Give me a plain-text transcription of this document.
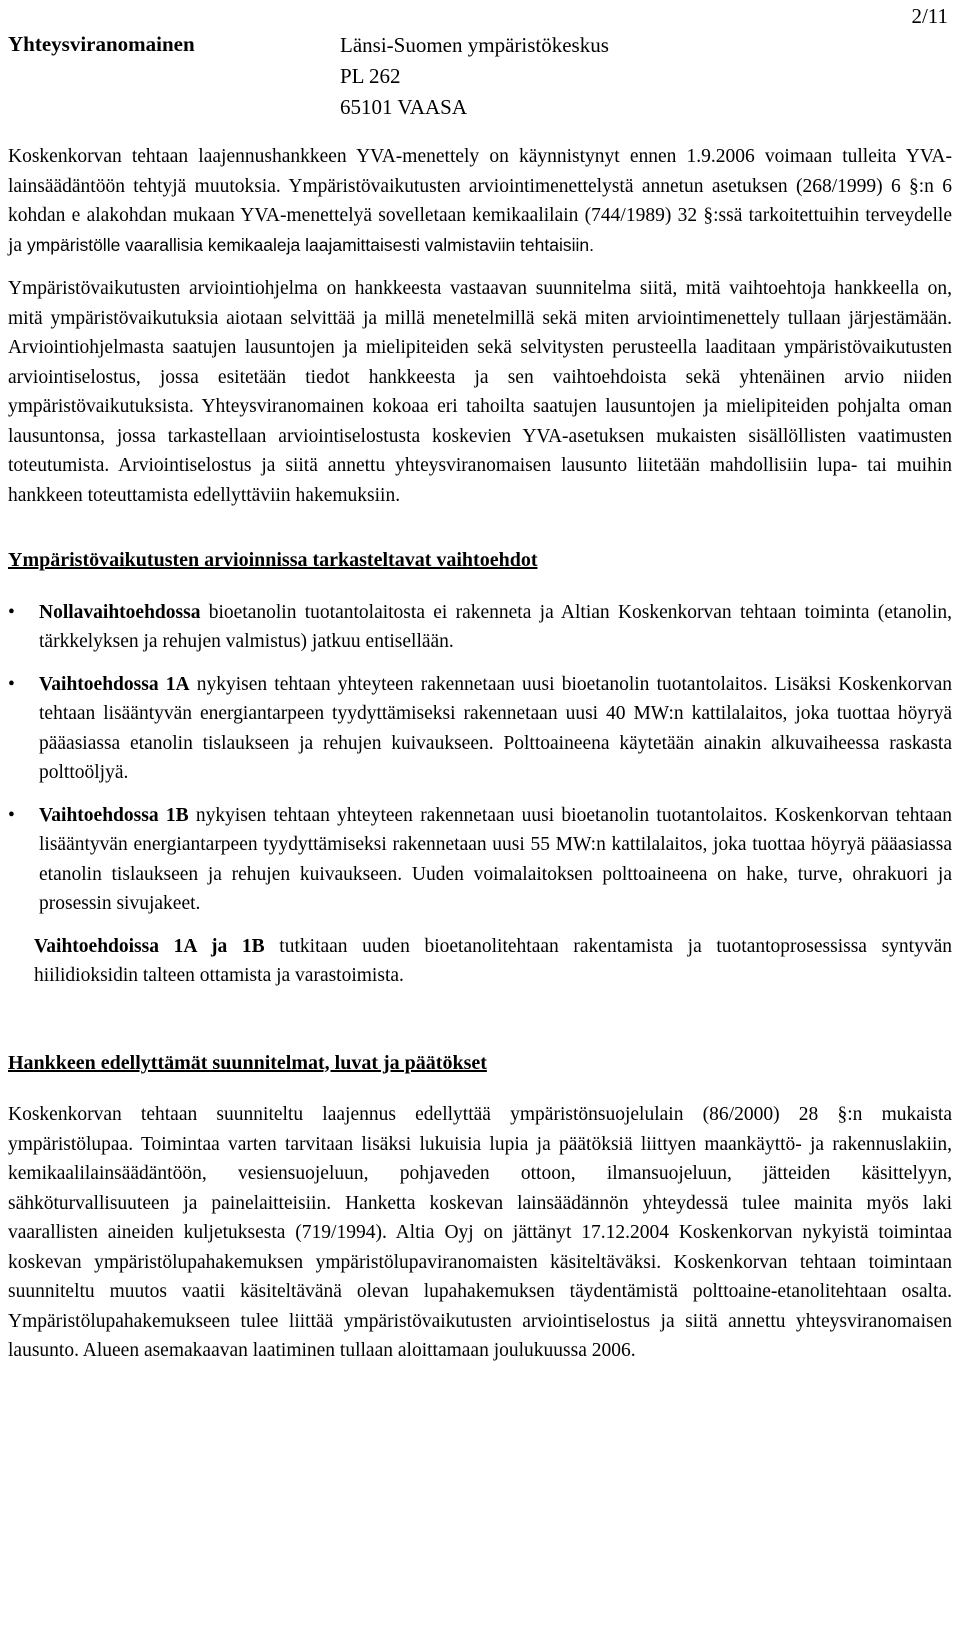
2/11
Yhteysviranomainen	Länsi-Suomen ympäristökeskus
PL 262
65101 VAASA

Koskenkorvan tehtaan laajennushankkeen YVA-menettely on käynnistynyt ennen 1.9.2006 voimaan tulleita YVA-lainsäädäntöön tehtyjä muutoksia. Ympäristövaikutusten arviointimenettelystä annetun asetuksen (268/1999) 6 §:n 6 kohdan e alakohdan mukaan YVA-menettelyä sovelletaan kemikaalilain (744/1989) 32 §:ssä tarkoitettuihin terveydelle ja ympäristölle vaarallisia kemikaaleja laajamittaisesti valmistaviin tehtaisiin.

Ympäristövaikutusten arviointiohjelma on hankkeesta vastaavan suunnitelma siitä, mitä vaihtoehtoja hankkeella on, mitä ympäristövaikutuksia aiotaan selvittää ja millä menetelmillä sekä miten arviointimenettely tullaan järjestämään. Arviointiohjelmasta saatujen lausuntojen ja mielipiteiden sekä selvitysten perusteella laaditaan ympäristövaikutusten arviointiselostus, jossa esitetään tiedot hankkeesta ja sen vaihtoehdoista sekä yhtenäinen arvio niiden ympäristövaikutuksista. Yhteysviranomainen kokoaa eri tahoilta saatujen lausuntojen ja mielipiteiden pohjalta oman lausuntonsa, jossa tarkastellaan arviointiselostusta koskevien YVA-asetuksen mukaisten sisällöllisten vaatimusten toteutumista. Arviointiselostus ja siitä annettu yhteysviranomaisen lausunto liitetään mahdollisiin lupa- tai muihin hankkeen toteuttamista edellyttäviin hakemuksiin.

Ympäristövaikutusten arvioinnissa tarkasteltavat vaihtoehdot
• Nollavaihtoehdossa bioetanolin tuotantolaitosta ei rakenneta ja Altian Koskenkorvan tehtaan toiminta (etanolin, tärkkelyksen ja rehujen valmistus) jatkuu entisellään.
• Vaihtoehdossa 1A nykyisen tehtaan yhteyteen rakennetaan uusi bioetanolin tuotantolaitos. Lisäksi Koskenkorvan tehtaan lisääntyvän energiantarpeen tyydyttämiseksi rakennetaan uusi 40 MW:n kattilalaitos, joka tuottaa höyryä pääasiassa etanolin tislaukseen ja rehujen kuivaukseen. Polttoaineena käytetään ainakin alkuvaiheessa raskasta polttoöljyä.
• Vaihtoehdossa 1B nykyisen tehtaan yhteyteen rakennetaan uusi bioetanolin tuotantolaitos. Koskenkorvan tehtaan lisääntyvän energiantarpeen tyydyttämiseksi rakennetaan uusi 55 MW:n kattilalaitos, joka tuottaa höyryä pääasiassa etanolin tislaukseen ja rehujen kuivaukseen. Uuden voimalaitoksen polttoaineena on hake, turve, ohrakuori ja prosessin sivujakeet.

Vaihtoehdoissa 1A ja 1B tutkitaan uuden bioetanolitehtaan rakentamista ja tuotantoprosessissa syntyvän hiilidioksidin talteen ottamista ja varastoimista.

Hankkeen edellyttämät suunnitelmat, luvat ja päätökset

Koskenkorvan tehtaan suunniteltu laajennus edellyttää ympäristönsuojelulain (86/2000) 28 §:n mukaista ympäristölupaa. Toimintaa varten tarvitaan lisäksi lukuisia lupia ja päätöksiä liittyen maankäyttö- ja rakennuslakiin, kemikaalilainsäädäntöön, vesiensuojeluun, pohjaveden ottoon, ilmansuojeluun, jätteiden käsittelyyn, sähköturvallisuuteen ja painelaitteisiin. Hanketta koskevan lainsäädännön yhteydessä tulee mainita myös laki vaarallisten aineiden kuljetuksesta (719/1994). Altia Oyj on jättänyt 17.12.2004 Koskenkorvan nykyistä toimintaa koskevan ympäristölupahakemuksen ympäristölupaviranomaisten käsiteltäväksi. Koskenkorvan tehtaan toimintaan suunniteltu muutos vaatii käsiteltävänä olevan lupahakemuksen täydentämistä polttoaine-etanolitehtaan osalta. Ympäristölupahakemukseen tulee liittää ympäristövaikutusten arviointiselostus ja siitä annettu yhteysviranomaisen lausunto. Alueen asemakaavan laatiminen tullaan aloittamaan joulukuussa 2006.
